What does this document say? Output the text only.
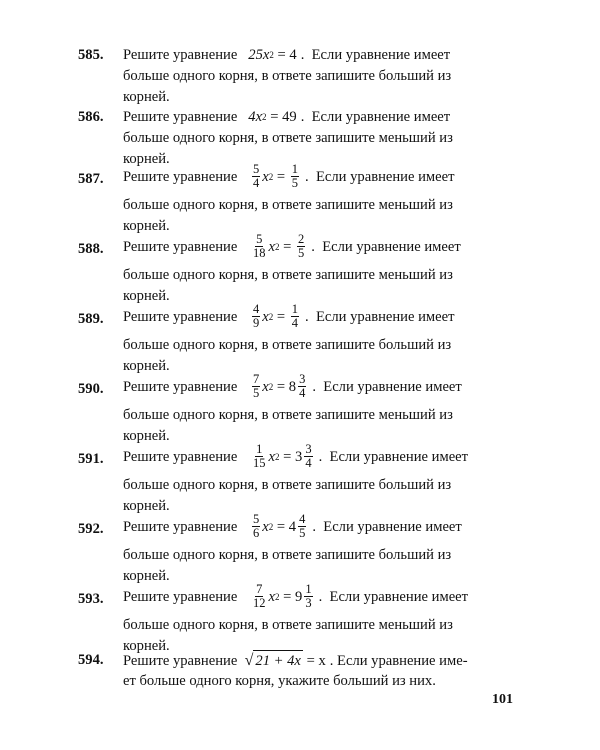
585. Решите уравнение 25x 2
= 4 .  Если уравнение имеет
больше одного корня, в ответе запишите больший из
корней.
586. Решите уравнение 4x 2
= 49 .  Если уравнение имеет
больше одного корня, в ответе запишите меньший из
корней.
587. Решите уравнение	$\frac{5}{4}$ x 2
=
$\frac{1}{5}$ .
Если уравнение имеет
больше одного корня, в ответе запишите меньший из
корней.
588. Решите уравнение	$\frac{5}{18}$ x 2
=
$\frac{2}{5}$ .
Если уравнение имеет
больше одного корня, в ответе запишите меньший из
корней.
589. Решите уравнение	$\frac{4}{9}$ x 2
=
$\frac{1}{4}$ .
Если уравнение имеет
больше одного корня, в ответе запишите больший из
корней.
590. Решите уравнение	$\frac{7}{5}$ x 2
=
$8 \frac{3}{4}$ .
Если уравнение имеет
больше одного корня, в ответе запишите меньший из
корней.
591. Решите уравнение	$\frac{1}{15}$ x 2
=
$3 \frac{3}{4}$ .
Если уравнение имеет
больше одного корня, в ответе запишите больший из
корней.
592. Решите уравнение	$\frac{5}{6}$ x 2
=
$4 \frac{4}{5}$ .
Если уравнение имеет
больше одного корня, в ответе запишите больший из
корней.
593. Решите уравнение	$\frac{7}{12}$ x 2
=
$9 \frac{1}{3}$ .
Если уравнение имеет
больше одного корня, в ответе запишите меньший из
корней.
594. Решите уравнение √ 21 + 4x
= x . Если уравнение име-
ет больше одного корня, укажите больший из них.
101
